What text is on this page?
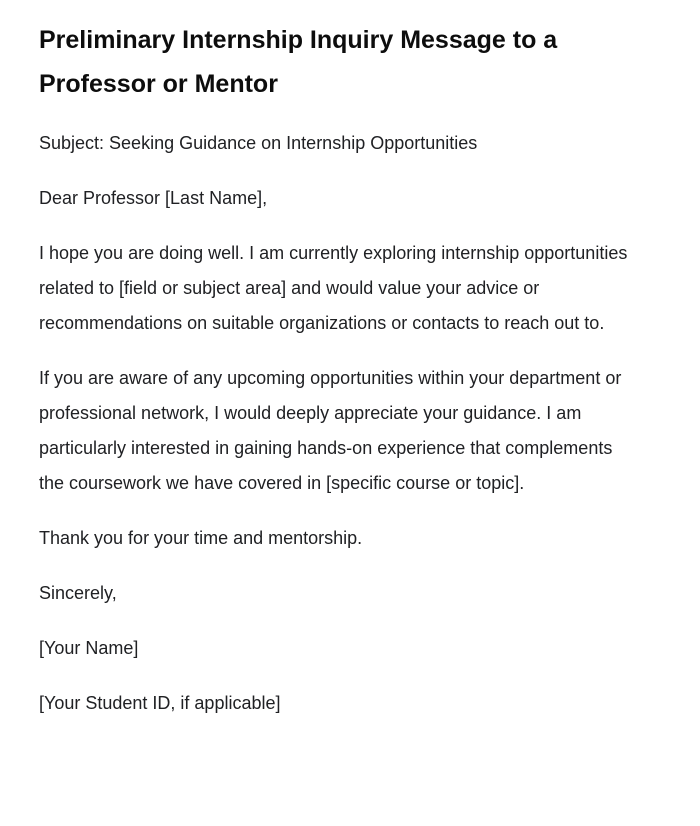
Preliminary Internship Inquiry Message to a Professor or Mentor

Subject: Seeking Guidance on Internship Opportunities

Dear Professor [Last Name],

I hope you are doing well. I am currently exploring internship opportunities related to [field or subject area] and would value your advice or recommendations on suitable organizations or contacts to reach out to.

If you are aware of any upcoming opportunities within your department or professional network, I would deeply appreciate your guidance. I am particularly interested in gaining hands-on experience that complements the coursework we have covered in [specific course or topic].

Thank you for your time and mentorship.

Sincerely,

[Your Name]

[Your Student ID, if applicable]
